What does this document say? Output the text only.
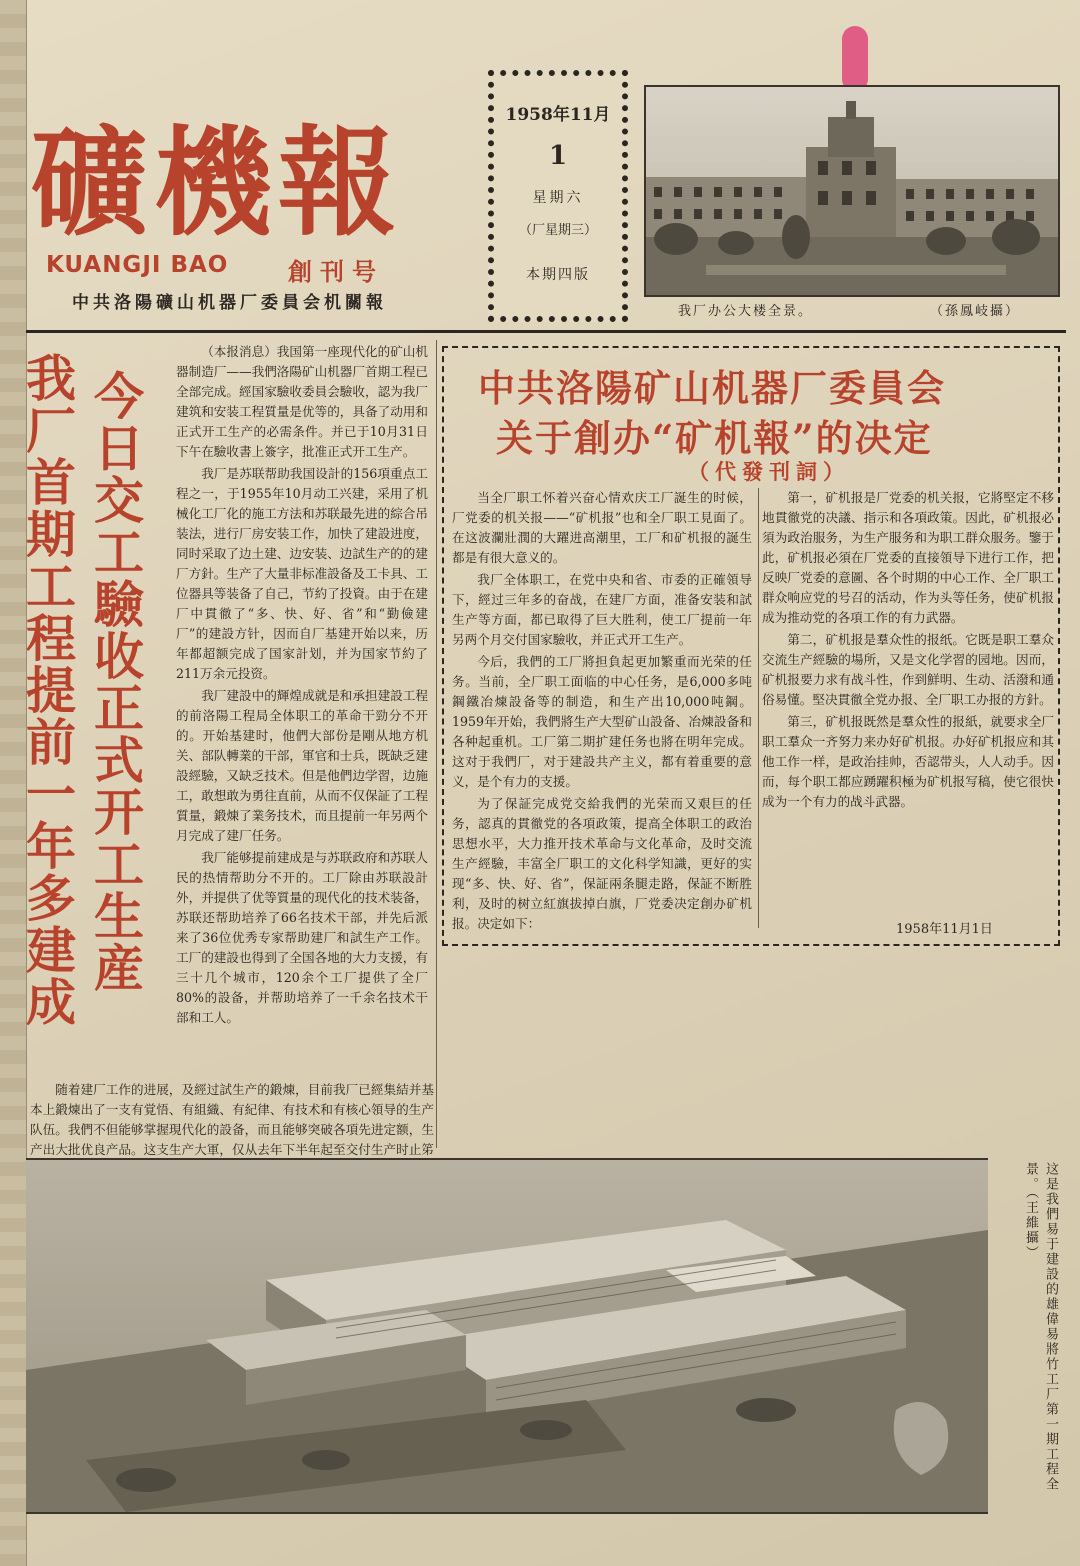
礦機報
KUANGJI BAO 創刊号
中共洛陽礦山机器厂委員会机關報
1958年11月
1
星期六
（厂星期三）
本期四版
我厂办公大楼全景。	（孫鳳岐攝）
我厂首期工程提前一年多建成 今日交工驗收正式开工生産

（本报消息）我国第一座现代化的矿山机器制造厂——我們洛陽矿山机器厂首期工程已全部完成。經国家驗收委員会驗收，認为我厂建筑和安装工程質量是优等的，具备了动用和正式开工生产的必需条件。并已于10月31日下午在驗收書上簽字，批准正式开工生产。

我厂是苏联帮助我国设計的156項重点工程之一，于1955年10月动工兴建，采用了机械化工厂化的施工方法和苏联最先进的綜合吊装法，进行厂房安装工作，加快了建設进度，同时采取了边土建、边安装、边試生产的的建厂方針。生产了大量非标准設备及工卡具、工位器具等装备了自己，节約了投資。由于在建厂中貫徹了“多、快、好、省”和“勤儉建厂”的建設方针，因而自厂基建开始以来，历年都超额完成了国家計划，并为国家节約了211万余元投资。

我厂建設中的輝煌成就是和承担建設工程的前洛陽工程局全体职工的革命干勁分不开的。开始基建时，他們大部份是剛从地方机关、部队轉業的干部，軍官和士兵，既缺乏建設經驗，又缺乏技术。但是他們边学習，边施工，敢想敢为勇往直前，从而不仅保証了工程質量，鍛煉了業务技术，而且提前一年另两个月完成了建厂任务。

我厂能够提前建成是与苏联政府和苏联人民的热情帮助分不开的。工厂除由苏联設計外，并提供了优等質量的现代化的技术装备，苏联还帮助培养了66名技术干部，并先后派来了36位优秀专家帮助建厂和試生产工作。工厂的建設也得到了全国各地的大力支援，有三十几个城市，120余个工厂提供了全厂80%的設备，并帮助培养了一千余名技术干部和工人。

随着建厂工作的进展，及經过試生产的鍛煉，目前我厂已經集結并基本上鍛煉出了一支有覚悟、有組織、有紀律、有技术和有核心領导的生产队伍。我們不但能够掌握現代化的設备，而且能够突破各項先进定额，生产出大批优良产品。这支生产大軍，仅从去年下半年起至交付生产时止笫

中共洛陽矿山机器厂委員会
关于創办“矿机報”的决定
（代發刊詞）

当全厂职工怀着兴奋心情欢庆工厂誕生的时候，厂党委的机关报——“矿机报”也和全厂职工見面了。在这波瀾壯潤的大躍进高潮里，工厂和矿机报的誕生都是有很大意义的。

我厂全体职工，在党中央和省、市委的正確領导下，經过三年多的奋战，在建厂方面，准备安装和試生产等方面，都已取得了巨大胜利，使工厂提前一年另两个月交付国家驗收，并正式开工生产。

今后，我們的工厂將担負起更加繁重而光荣的任务。当前，全厂职工面临的中心任务，是6,000多吨鋼鐵冶煉設备等的制造，和生产出10,000吨鋼。1959年开始，我們將生产大型矿山設备、冶煉設备和各种起重机。工厂第二期扩建任务也將在明年完成。这对于我們厂，对于建設共产主义，都有着重要的意义，是个有力的支援。

为了保証完成党交給我們的光荣而又艰巨的任务，認真的貫徹党的各項政策，提高全体职工的政治思想水平，大力推开技术革命与文化革命，及时交流生产經驗，丰富全厂职工的文化科学知識，更好的实现“多、快、好、省”，保証兩条腿走路，保証不断胜利，及时的树立紅旗拔掉白旗，厂党委决定創办矿机报。决定如下：

第一，矿机报是厂党委的机关报，它將堅定不移地貫徹党的决議、指示和各項政策。因此，矿机报必須为政治服务，为生产服务和为职工群众服务。鑒于此，矿机报必須在厂党委的直接領导下进行工作，把反映厂党委的意圖、各个时期的中心工作、全厂职工群众响应党的号召的活动，作为头等任务，使矿机报成为推动党的各項工作的有力武器。

第二，矿机报是羣众性的报纸。它既是职工羣众交流生产經驗的場所，又是文化学習的园地。因而，矿机报要力求有战斗性，作到鮮明、生动、活潑和通俗易懂。堅决貫徹全党办报、全厂职工办报的方針。

第三，矿机报既然是羣众性的报紙，就要求全厂职工羣众一齐努力来办好矿机报。办好矿机报应和其他工作一样，是政治挂帅，否認带头，人人动手。因而，每个职工都应踴躍积極为矿机报写稿，使它很快成为一个有力的战斗武器。

1958年11月1日
这是我們易于建設的雄偉易將竹工厂第一期工程全景。（王維攝）
